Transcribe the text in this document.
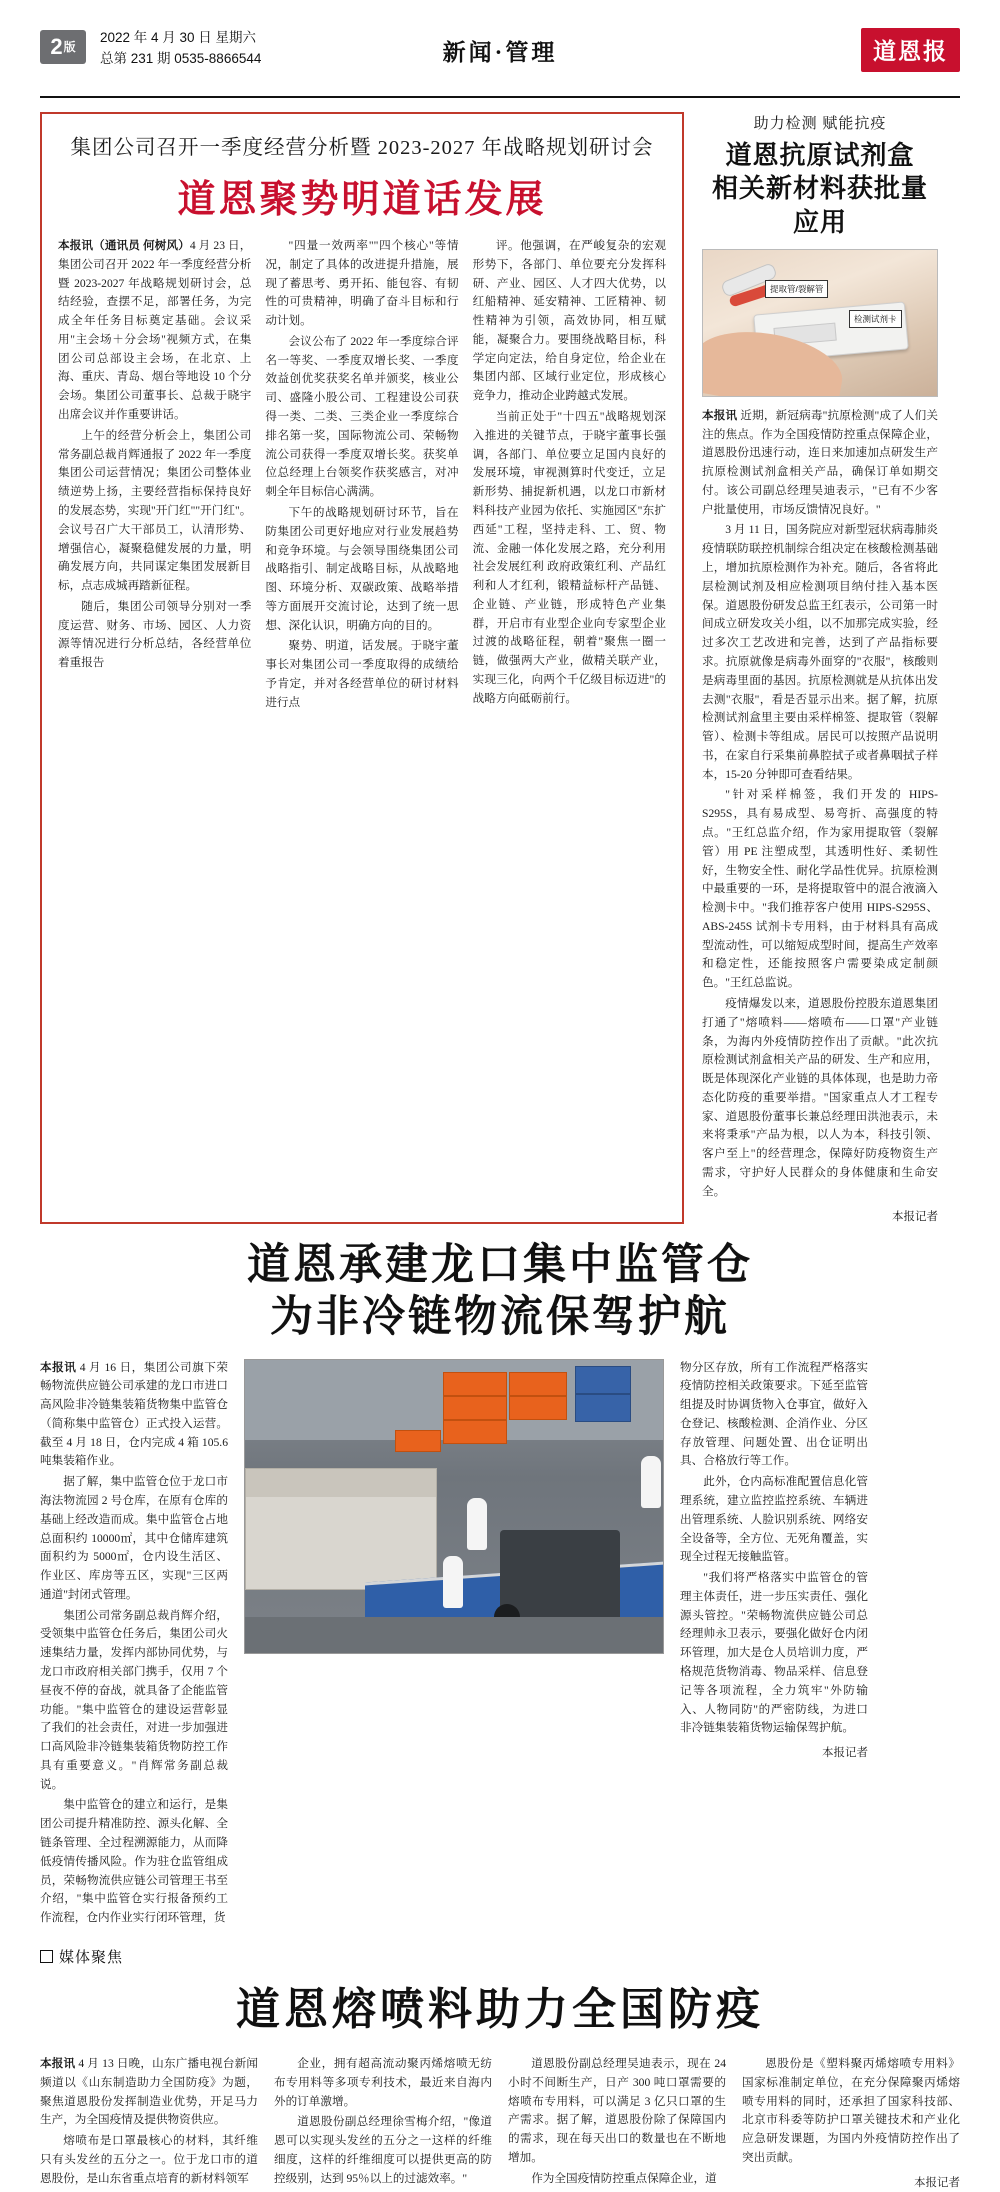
2 版
2022 年 4 月 30 日 星期六
总第 231 期 0535-8866544	新闻·管理	道恩报
集团公司召开一季度经营分析暨 2023-2027 年战略规划研讨会
道恩聚势明道话发展

本报讯（通讯员 何树风）4 月 23 日，集团公司召开 2022 年一季度经营分析暨 2023-2027 年战略规划研讨会，总结经验，查摆不足，部署任务，为完成全年任务目标奠定基础。会议采用"主会场＋分会场"视频方式，在集团公司总部设主会场，在北京、上海、重庆、青岛、烟台等地设 10 个分会场。集团公司董事长、总裁于晓宇出席会议并作重要讲话。

上午的经营分析会上，集团公司常务副总裁肖辉通报了 2022 年一季度集团公司运营情况；集团公司整体业绩逆势上扬，主要经营指标保持良好的发展态势，实现"开门红""开门红"。会议号召广大干部员工，认清形势、增强信心，凝聚稳健发展的力量，明确发展方向，共同谋定集团发展新目标，点志成城再踏新征程。

随后，集团公司领导分别对一季度运营、财务、市场、园区、人力资源等情况进行分析总结，各经营单位着重报告

"四量一效两率""四个核心"等情况，制定了具体的改进提升措施，展现了蓄思考、勇开拓、能包容、有韧性的可贵精神，明确了奋斗目标和行动计划。

会议公布了 2022 年一季度综合评名一等奖、一季度双增长奖、一季度效益创优奖获奖名单并颁奖，核业公司、盛隆小股公司、工程建设公司获得一类、二类、三类企业一季度综合排名第一奖，国际物流公司、荣畅物流公司获得一季度双增长奖。获奖单位总经理上台领奖作获奖感言，对冲刺全年目标信心满满。

下午的战略规划研讨环节，旨在防集团公司更好地应对行业发展趋势和竞争环境。与会领导围绕集团公司战略指引、制定战略目标，从战略地图、环境分析、双碳政策、战略举措等方面展开交流讨论，达到了统一思想、深化认识，明确方向的目的。

聚势、明道，话发展。于晓宇董事长对集团公司一季度取得的成绩给予肯定，并对各经营单位的研讨材料进行点

评。他强调，在严峻复杂的宏观形势下，各部门、单位要充分发挥科研、产业、园区、人才四大优势，以红船精神、延安精神、工匠精神、韧性精神为引领，高效协同，相互赋能，凝聚合力。要围绕战略目标，科学定向定法，给自身定位，给企业在集团内部、区域行业定位，形成核心竞争力，推动企业跨越式发展。

当前正处于"十四五"战略规划深入推进的关键节点，于晓宇董事长强调，各部门、单位要立足国内良好的发展环境，审视测算时代变迁，立足新形势、捕捉新机遇，以龙口市新材料科技产业园为依托、实施园区"东扩西延"工程，坚持走科、工、贸、物流、金融一体化发展之路，充分利用社会发展红利 政府政策红利、产品红利和人才红利，锻精益标杆产品链、企业链、产业链，形成特色产业集群，开启市有业型企业向专家型企业过渡的战略征程，朝着"聚焦一圈一链，做强两大产业，做精关联产业，实现三化，向两个千亿级目标迈进"的战略方向砥砺前行。

助力检测 赋能抗疫
道恩抗原试剂盒
相关新材料获批量应用
提取管/裂解管
检测试剂卡

本报讯 近期，新冠病毒"抗原检测"成了人们关注的焦点。作为全国疫情防控重点保障企业，道恩股份迅速行动，连日来加速加点研发生产抗原检测试剂盒相关产品，确保订单如期交付。该公司副总经理吴迪表示，"已有不少客户批量使用，市场反馈情况良好。"

3 月 11 日，国务院应对新型冠状病毒肺炎疫情联防联控机制综合组决定在核酸检测基础上，增加抗原检测作为补充。随后，各省将此层检测试剂及相应检测项目纳付挂入基本医保。道恩股份研发总监王红表示，公司第一时间成立研发攻关小组，以不加那完成实验，经过多次工艺改进和完善，达到了产品指标要求。抗原就像是病毒外面穿的"衣服"，核酸则是病毒里面的基因。抗原检测就是从抗体出发去测"衣服"，看是否显示出来。据了解，抗原检测试剂盒里主要由采样棉签、提取管（裂解管）、检测卡等组成。居民可以按照产品说明书，在家自行采集前鼻腔拭子或者鼻咽拭子样本，15-20 分钟即可查看结果。

"针对采样棉签，我们开发的 HIPS-S295S，具有易成型、易弯折、高强度的特点。"王红总监介绍，作为家用提取管（裂解管）用 PE 注塑成型，其透明性好、柔韧性好，生物安全性、耐化学品性优异。抗原检测中最重要的一环，是将提取管中的混合液滴入检测卡中。"我们推荐客户使用 HIPS-S295S、ABS-245S 试剂卡专用料，由于材料具有高成型流动性，可以缩短成型时间，提高生产效率和稳定性，还能按照客户需要染成定制颜色。"王红总监说。

疫情爆发以来，道恩股份控股东道恩集团打通了"熔喷料——熔喷布——口罩"产业链条，为海内外疫情防控作出了贡献。"此次抗原检测试剂盒相关产品的研发、生产和应用，既是体现深化产业链的具体体现，也是助力帝态化防疫的重要举措。"国家重点人才工程专家、道恩股份董事长兼总经理田洪池表示，未来将秉承"产品为根，以人为本，科技引领、客户至上"的经营理念，保障好防疫物资生产需求，守护好人民群众的身体健康和生命安全。

本报记者
道恩承建龙口集中监管仓
为非冷链物流保驾护航

本报讯 4 月 16 日，集团公司旗下荣畅物流供应链公司承建的龙口市进口高风险非冷链集装箱货物集中监管仓（简称集中监管仓）正式投入运营。截至 4 月 18 日，仓内完成 4 箱 105.6 吨集装箱作业。

据了解，集中监管仓位于龙口市海法物流园 2 号仓库，在原有仓库的基础上经改造而成。集中监管仓占地总面积约 10000㎡，其中仓储库建筑面积约为 5000㎡，仓内设生活区、作业区、库房等五区，实现"三区两通道"封闭式管理。

集团公司常务副总裁肖辉介绍，受领集中监管仓任务后，集团公司火速集结力量，发挥内部协同优势，与龙口市政府相关部门携手，仅用 7 个昼夜不停的奋战，就具备了企能监管功能。"集中监管仓的建设运营彰显了我们的社会责任，对进一步加强进口高风险非冷链集装箱货物防控工作具有重要意义。"肖辉常务副总裁说。

集中监管仓的建立和运行，是集团公司提升精准防控、源头化解、全链条管理、全过程溯源能力，从而降低疫情传播风险。作为驻仓监管组成员，荣畅物流供应链公司管理王书至介绍，"集中监管仓实行报备预约工作流程，仓内作业实行闭环管理，货

物分区存放，所有工作流程严格落实疫情防控相关政策要求。下延至监管组提及时协调货物入仓事宜，做好入仓登记、核酸检测、企消作业、分区存放管理、问题处置、出仓证明出具、合格放行等工作。

此外，仓内高标准配置信息化管理系统，建立监控监控系统、车辆进出管理系统、人脸识别系统、网络安全设备等，全方位、无死角覆盖，实现全过程无接触监管。

"我们将严格落实中监管仓的管理主体责任，进一步压实责任、强化源头管控。"荣畅物流供应链公司总经理帅永卫表示，要强化做好仓内闭环管理，加大是仓人员培训力度，严格规范货物消毒、物品采样、信息登记等各项流程，全力筑牢"外防输入、人物同防"的严密防线，为进口非冷链集装箱货物运输保驾护航。

本报记者
媒体聚焦
道恩熔喷料助力全国防疫

本报讯 4 月 13 日晚，山东广播电视台新闻频道以《山东制造助力全国防疫》为题，聚焦道恩股份发挥制造业优势，开足马力生产，为全国疫情及提供物资供应。

熔喷布是口罩最核心的材料，其纤维只有头发丝的五分之一。位于龙口市的道恩股份，是山东省重点培育的新材料领军

企业，拥有超高流动聚丙烯熔喷无纺布专用料等多项专利技术，最近来自海内外的订单激增。

道恩股份副总经理徐雪梅介绍，"像道恩可以实现头发丝的五分之一这样的纤维细度，这样的纤维细度可以提供更高的防控级别，达到 95％以上的过滤效率。"

道恩股份副总经理吴迪表示，现在 24 小时不间断生产，日产 300 吨口罩需要的熔喷布专用料，可以满足 3 亿只口罩的生产需求。据了解，道恩股份除了保障国内的需求，现在每天出口的数量也在不断地增加。

作为全国疫情防控重点保障企业，道

恩股份是《塑料聚丙烯熔喷专用料》国家标准制定单位，在充分保障聚丙烯熔喷专用料的同时，还承担了国家科技部、北京市科委等防护口罩关键技术和产业化应急研发课题，为国内外疫情防控作出了突出贡献。

本报记者
